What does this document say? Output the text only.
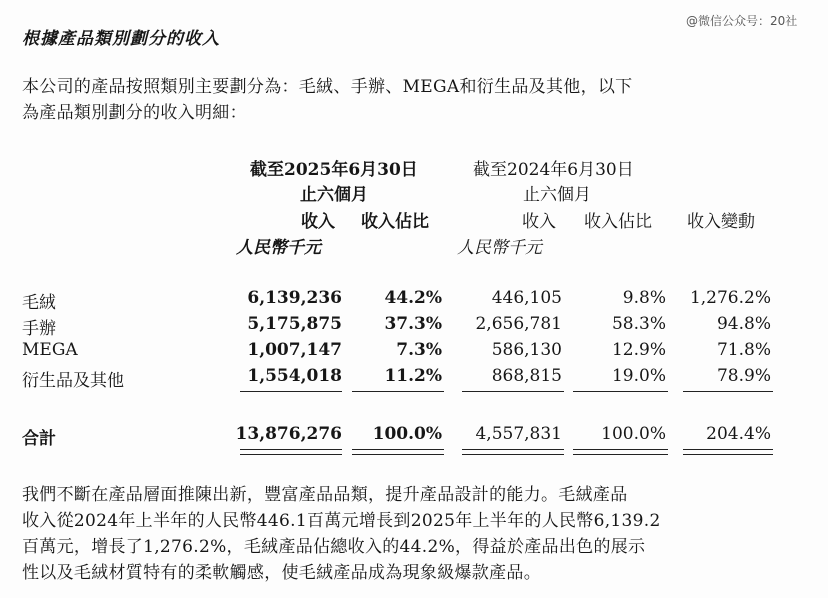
@微信公众号：20社
根據產品類別劃分的收入
本公司的產品按照類別主要劃分為：毛絨、手辦、MEGA和衍生品及其他，以下
為產品類別劃分的收入明細：
截至2025年6月30日
止六個月
截至2024年6月30日
止六個月
收入 收入佔比	收入 收入佔比 收入變動
人民幣千元	人民幣千元
毛絨	6,139,236 44.2%	446,105	9.8% 1,276.2%
手辦	5,175,875 37.3% 2,656,781	58.3%	94.8%
MEGA	1,007,147	7.3%	586,130	12.9%	71.8%
衍生品及其他	1,554,018 11.2%	868,815	19.0%	78.9%
合計	13,876,276 100.0% 4,557,831 100.0% 204.4%
我們不斷在產品層面推陳出新，豐富產品品類，提升產品設計的能力。毛絨產品
收入從2024年上半年的人民幣446.1百萬元增長到2025年上半年的人民幣6,139.2
百萬元，增長了1,276.2%，毛絨產品佔總收入的44.2%，得益於產品出色的展示
性以及毛絨材質特有的柔軟觸感，使毛絨產品成為現象級爆款產品。
